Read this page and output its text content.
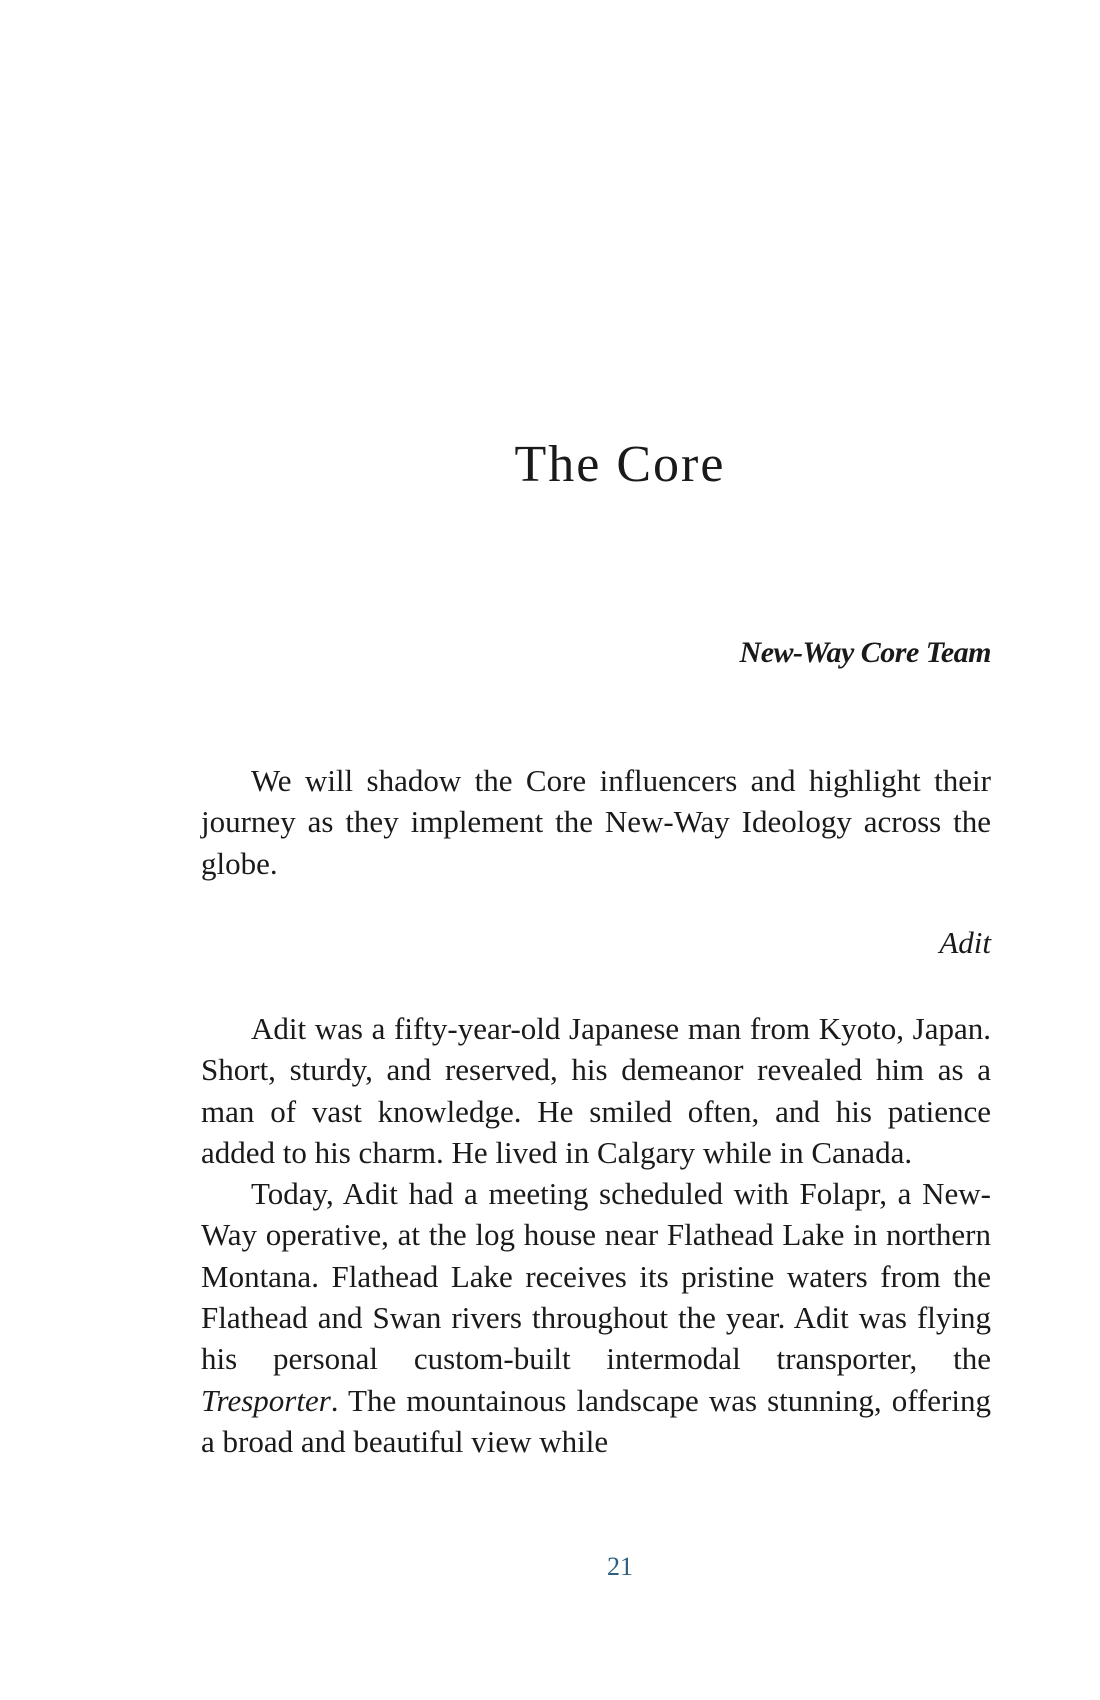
The Core
New-Way Core Team

We will shadow the Core influencers and highlight their journey as they implement the New-Way Ideology across the globe.

Adit

Adit was a fifty-year-old Japanese man from Kyoto, Japan. Short, sturdy, and reserved, his demeanor revealed him as a man of vast knowledge. He smiled often, and his patience added to his charm. He lived in Calgary while in Canada.

Today, Adit had a meeting scheduled with Folapr, a New-Way operative, at the log house near Flathead Lake in northern Montana. Flathead Lake receives its pristine waters from the Flathead and Swan rivers throughout the year. Adit was flying his personal custom-built intermodal transporter, the Tresporter. The mountainous landscape was stunning, offering a broad and beautiful view while

21
